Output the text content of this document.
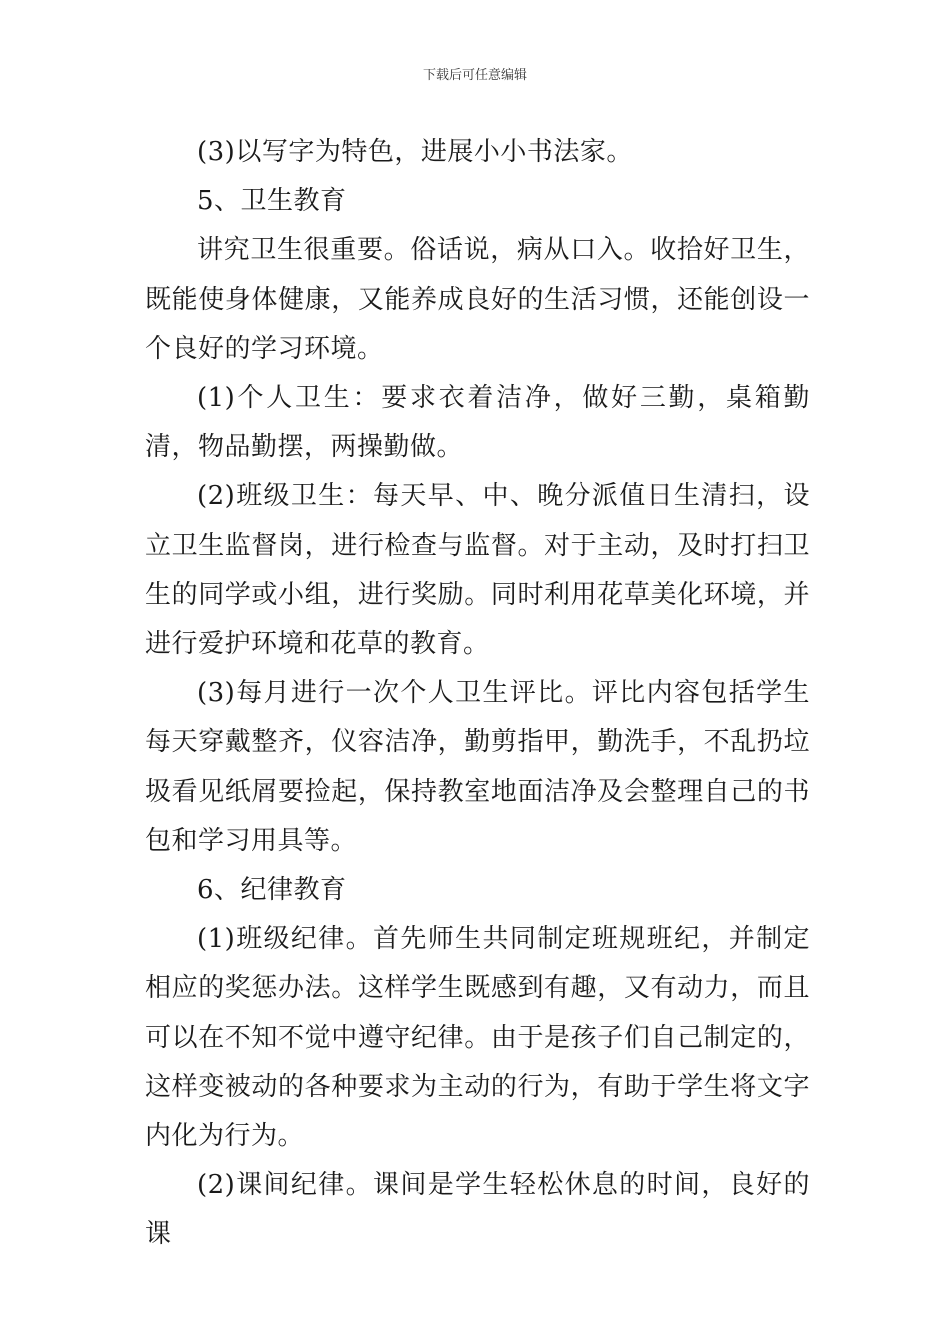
下载后可任意编辑

(3)以写字为特色，进展小小书法家。

5、卫生教育

讲究卫生很重要。俗话说，病从口入。收拾好卫生，既能使身体健康，又能养成良好的生活习惯，还能创设一个良好的学习环境。

(1)个人卫生：要求衣着洁净，做好三勤，桌箱勤清，物品勤摆，两操勤做。

(2)班级卫生：每天早、中、晚分派值日生清扫，设立卫生监督岗，进行检查与监督。对于主动，及时打扫卫生的同学或小组，进行奖励。同时利用花草美化环境，并进行爱护环境和花草的教育。

(3)每月进行一次个人卫生评比。评比内容包括学生每天穿戴整齐，仪容洁净，勤剪指甲，勤洗手，不乱扔垃圾看见纸屑要捡起，保持教室地面洁净及会整理自己的书包和学习用具等。

6、纪律教育

(1)班级纪律。首先师生共同制定班规班纪，并制定相应的奖惩办法。这样学生既感到有趣，又有动力，而且可以在不知不觉中遵守纪律。由于是孩子们自己制定的，这样变被动的各种要求为主动的行为，有助于学生将文字内化为行为。

(2)课间纪律。课间是学生轻松休息的时间，良好的课
